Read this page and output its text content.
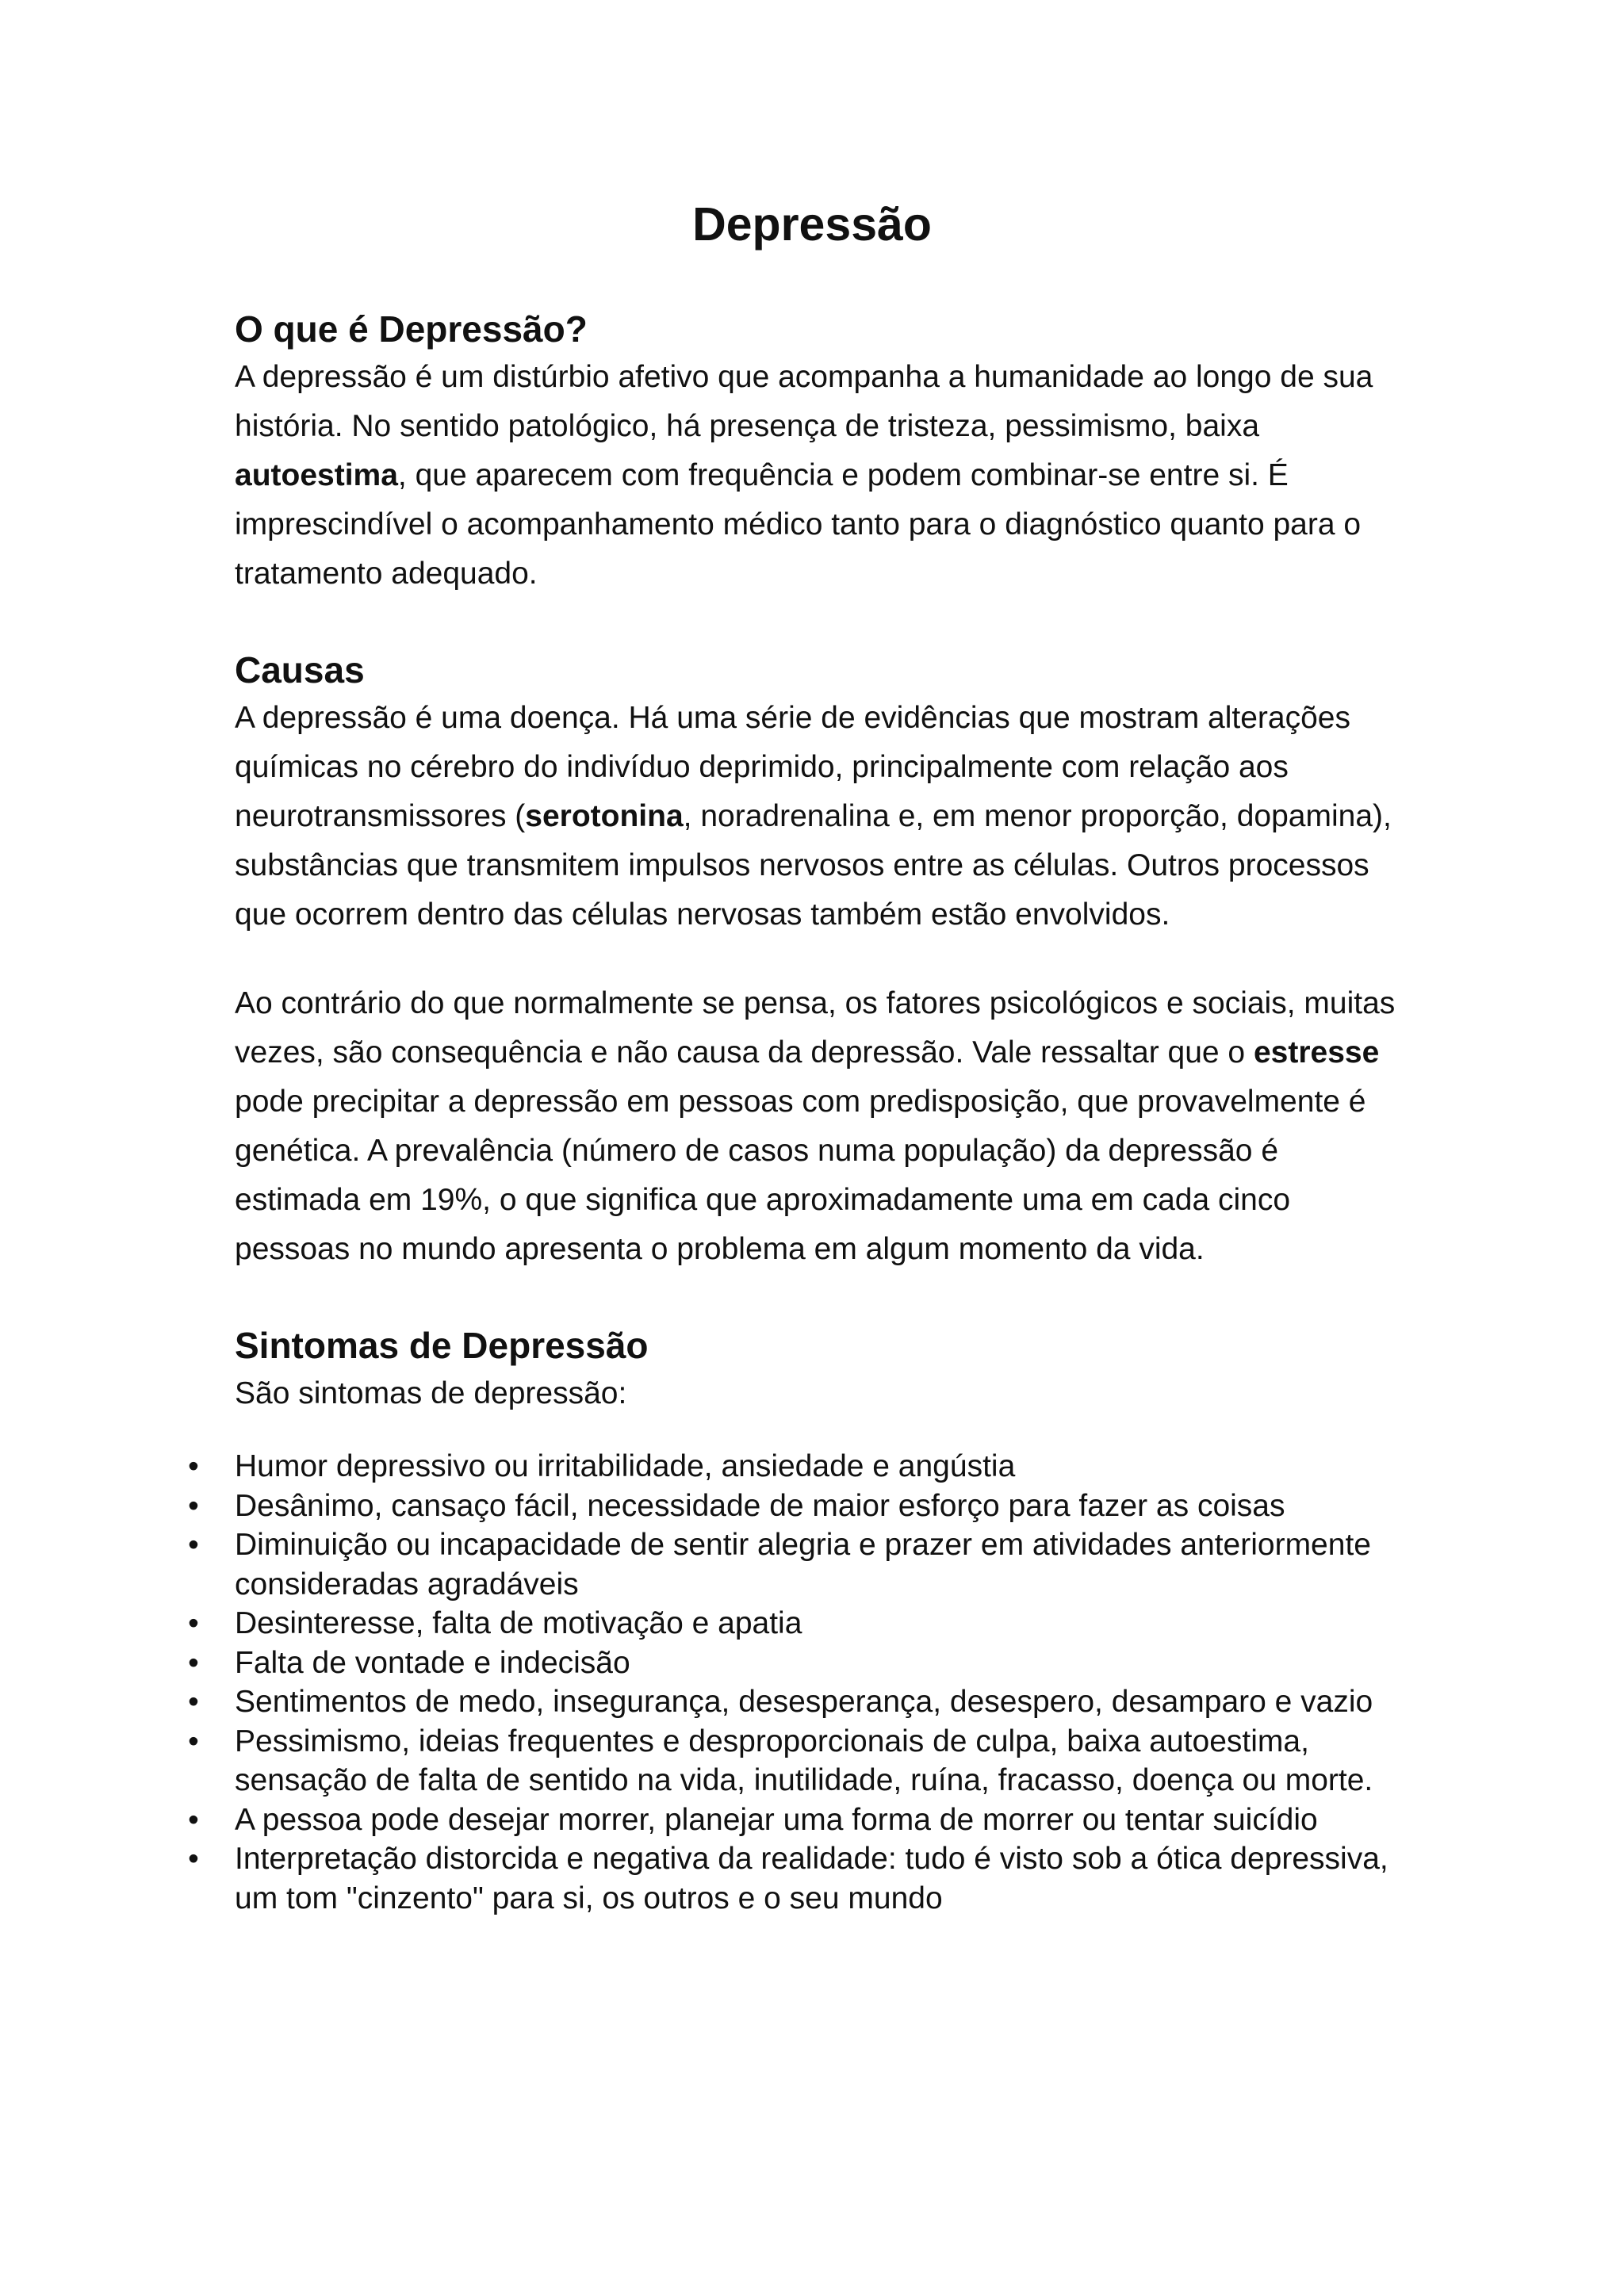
Depressão
O que é Depressão?

A depressão é um distúrbio afetivo que acompanha a humanidade ao longo de sua história. No sentido patológico, há presença de tristeza, pessimismo, baixa autoestima, que aparecem com frequência e podem combinar-se entre si. É imprescindível o acompanhamento médico tanto para o diagnóstico quanto para o tratamento adequado.

Causas

A depressão é uma doença. Há uma série de evidências que mostram alterações químicas no cérebro do indivíduo deprimido, principalmente com relação aos neurotransmissores (serotonina, noradrenalina e, em menor proporção, dopamina), substâncias que transmitem impulsos nervosos entre as células. Outros processos que ocorrem dentro das células nervosas também estão envolvidos.

Ao contrário do que normalmente se pensa, os fatores psicológicos e sociais, muitas vezes, são consequência e não causa da depressão. Vale ressaltar que o estresse pode precipitar a depressão em pessoas com predisposição, que provavelmente é genética. A prevalência (número de casos numa população) da depressão é estimada em 19%, o que significa que aproximadamente uma em cada cinco pessoas no mundo apresenta o problema em algum momento da vida.

Sintomas de Depressão

São sintomas de depressão:

• Humor depressivo ou irritabilidade, ansiedade e angústia
• Desânimo, cansaço fácil, necessidade de maior esforço para fazer as coisas
• Diminuição ou incapacidade de sentir alegria e prazer em atividades anteriormente consideradas agradáveis
• Desinteresse, falta de motivação e apatia
• Falta de vontade e indecisão
• Sentimentos de medo, insegurança, desesperança, desespero, desamparo e vazio
• Pessimismo, ideias frequentes e desproporcionais de culpa, baixa autoestima, sensação de falta de sentido na vida, inutilidade, ruína, fracasso, doença ou morte.
• A pessoa pode desejar morrer, planejar uma forma de morrer ou tentar suicídio
• Interpretação distorcida e negativa da realidade: tudo é visto sob a ótica depressiva, um tom "cinzento" para si, os outros e o seu mundo
